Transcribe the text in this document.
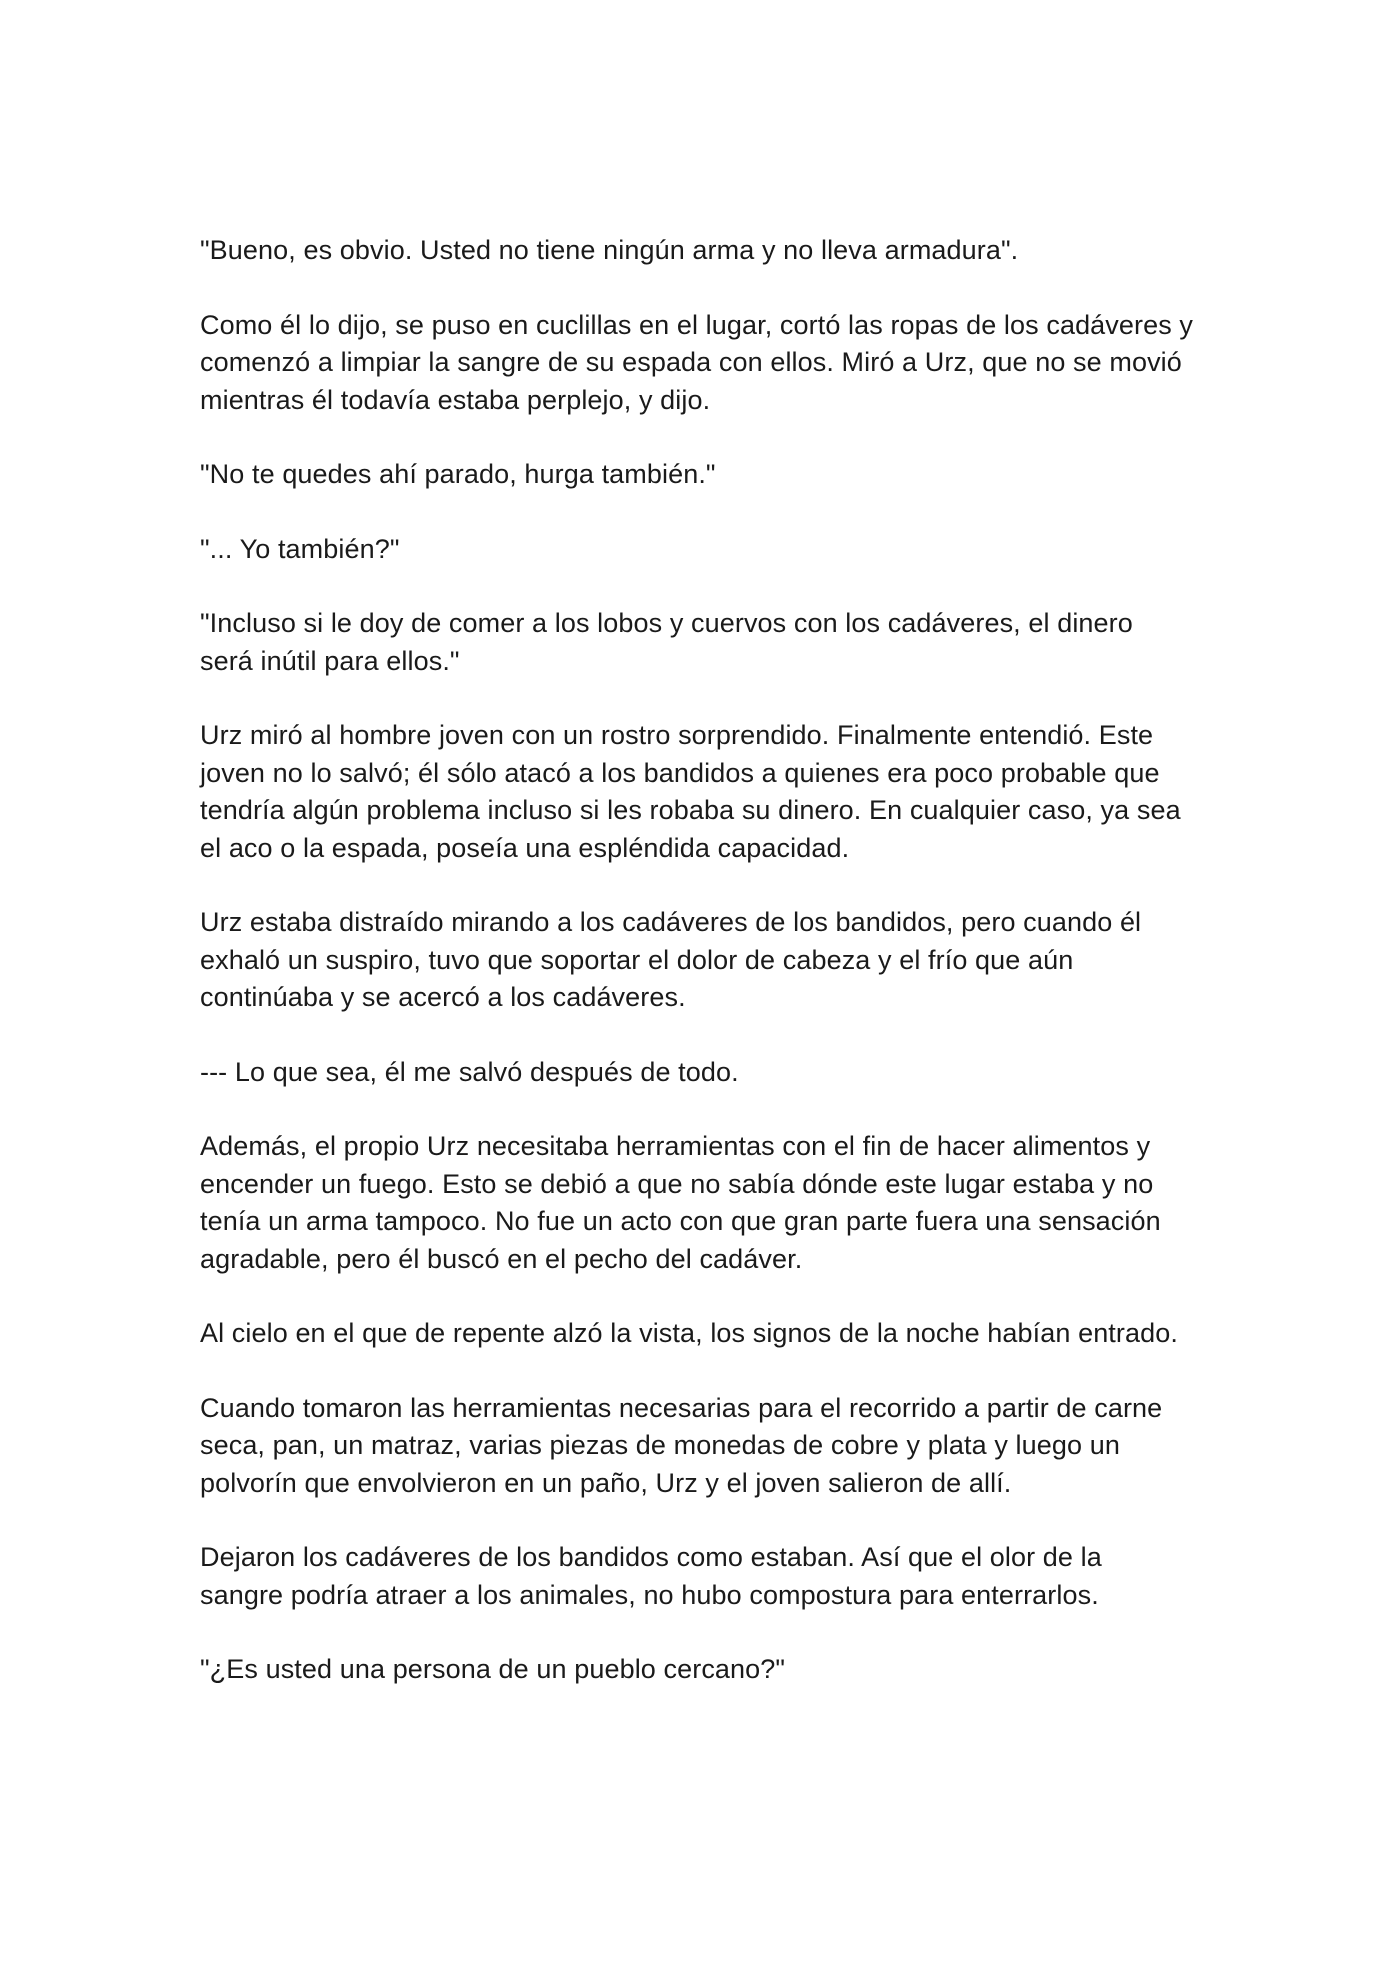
"Bueno, es obvio. Usted no tiene ningún arma y no lleva armadura".

Como él lo dijo, se puso en cuclillas en el lugar, cortó las ropas de los cadáveres y
comenzó a limpiar la sangre de su espada con ellos. Miró a Urz, que no se movió
mientras él todavía estaba perplejo, y dijo.

"No te quedes ahí parado, hurga también."

"... Yo también?"

"Incluso si le doy de comer a los lobos y cuervos con los cadáveres, el dinero
será inútil para ellos."

Urz miró al hombre joven con un rostro sorprendido. Finalmente entendió. Este
joven no lo salvó; él sólo atacó a los bandidos a quienes era poco probable que
tendría algún problema incluso si les robaba su dinero. En cualquier caso, ya sea
el aco o la espada, poseía una espléndida capacidad.

Urz estaba distraído mirando a los cadáveres de los bandidos, pero cuando él
exhaló un suspiro, tuvo que soportar el dolor de cabeza y el frío que aún
continúaba y se acercó a los cadáveres.

--- Lo que sea, él me salvó después de todo.

Además, el propio Urz necesitaba herramientas con el fin de hacer alimentos y
encender un fuego. Esto se debió a que no sabía dónde este lugar estaba y no
tenía un arma tampoco. No fue un acto con que gran parte fuera una sensación
agradable, pero él buscó en el pecho del cadáver.

Al cielo en el que de repente alzó la vista, los signos de la noche habían entrado.

Cuando tomaron las herramientas necesarias para el recorrido a partir de carne
seca, pan, un matraz, varias piezas de monedas de cobre y plata y luego un
polvorín que envolvieron en un paño, Urz y el joven salieron de allí.

Dejaron los cadáveres de los bandidos como estaban. Así que el olor de la
sangre podría atraer a los animales, no hubo compostura para enterrarlos.

"¿Es usted una persona de un pueblo cercano?"
